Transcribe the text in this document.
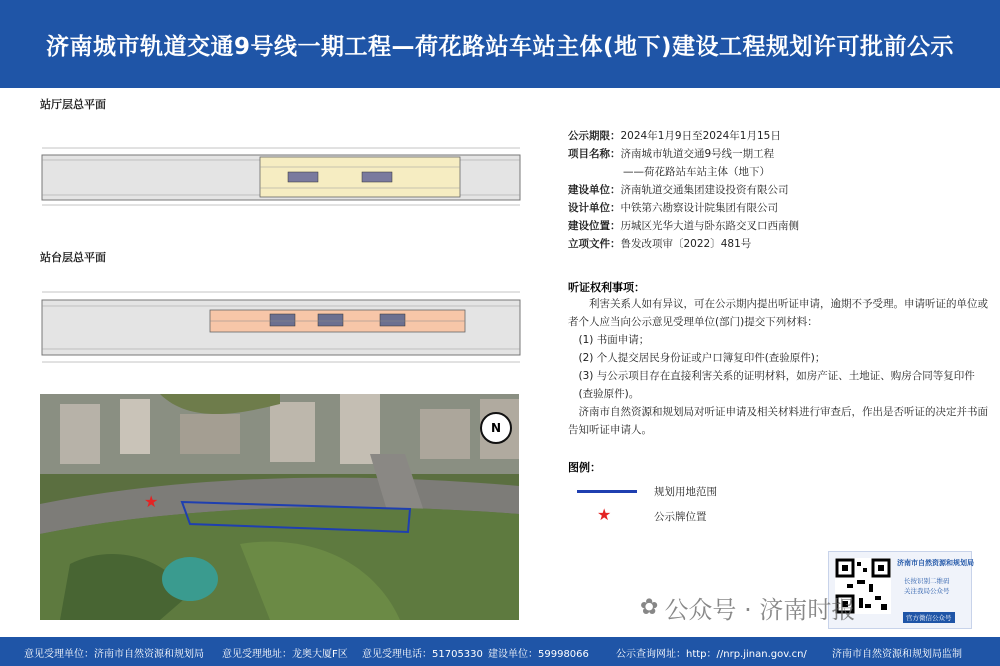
济南城市轨道交通9号线一期工程—荷花路站车站主体(地下)建设工程规划许可批前公示
站厅层总平面
站台层总平面
★
N
公示期限：2024年1月9日至2024年1月15日
项目名称：济南城市轨道交通9号线一期工程
——荷花路站车站主体（地下）
建设单位：济南轨道交通集团建设投资有限公司
设计单位：中铁第六勘察设计院集团有限公司
建设位置：历城区光华大道与卧东路交叉口西南侧
立项文件：鲁发改项审〔2022〕481号
听证权利事项：

利害关系人如有异议，可在公示期内提出听证申请，逾期不予受理。申请听证的单位或者个人应当向公示意见受理单位(部门)提交下列材料：

(1) 书面申请；

(2) 个人提交居民身份证或户口簿复印件(查验原件)；

(3) 与公示项目存在直接利害关系的证明材料，如房产证、土地证、购房合同等复印件(查验原件)。

济南市自然资源和规划局对听证申请及相关材料进行审查后，作出是否听证的决定并书面告知听证申请人。

图例：
规划用地范围
★	公示牌位置
济南市自然资源和规划局
长按识别二维码
关注我局公众号
官方微信公众号
✿ 公众号 · 济南时报
意见受理单位：济南市自然资源和规划局 意见受理地址：龙奥大厦F区 意见受理电话：51705330 建设单位：59998066	公示查询网址：http：//nrp.jinan.gov.cn/	济南市自然资源和规划局监制
